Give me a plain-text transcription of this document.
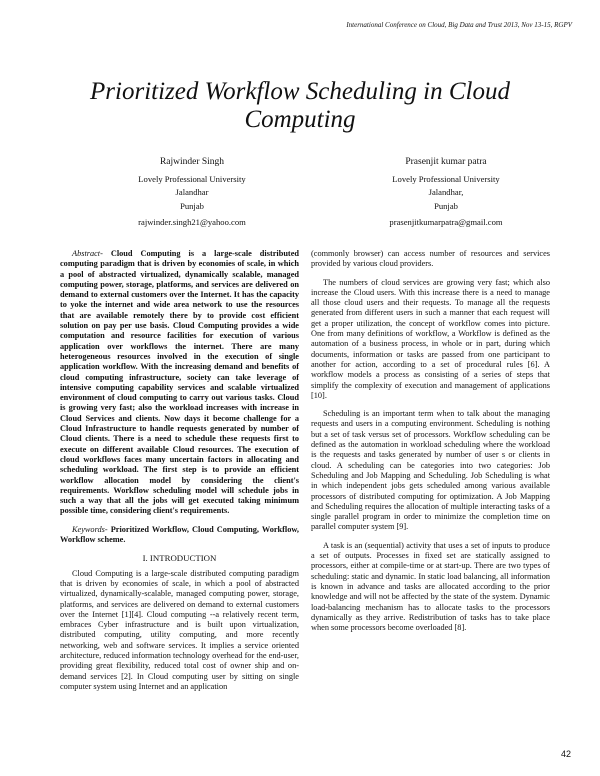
International Conference on Cloud, Big Data and Trust 2013, Nov 13-15, RGPV
Prioritized Workflow Scheduling in Cloud
Computing
Rajwinder Singh
Lovely Professional University
Jalandhar
Punjab
rajwinder.singh21@yahoo.com
Prasenjit kumar patra
Lovely Professional University
Jalandhar,
Punjab
prasenjitkumarpatra@gmail.com

Abstract- Cloud Computing is a large-scale distributed computing paradigm that is driven by economies of scale, in which a pool of abstracted virtualized, dynamically scalable, managed computing power, storage, platforms, and services are delivered on demand to external customers over the Internet. It has the capacity to yoke the internet and wide area network to use the resources that are available remotely there by to provide cost efficient solution on pay per use basis. Cloud Computing provides a wide computation and resource facilities for execution of various application over workflows the internet. There are many heterogeneous resources involved in the execution of single application workflow. With the increasing demand and benefits of cloud computing infrastructure, society can take leverage of intensive computing capability services and scalable virtualized environment of cloud computing to carry out various tasks. Cloud is growing very fast; also the workload increases with increase in Cloud Services and clients. Now days it become challenge for a Cloud Infrastructure to handle requests generated by number of Cloud clients. There is a need to schedule these requests first to execute on different available Cloud resources. The execution of cloud workflows faces many uncertain factors in allocating and scheduling workload. The first step is to provide an efficient workflow allocation model by considering the client's requirements. Workflow scheduling model will schedule jobs in such a way that all the jobs will get executed taking minimum possible time, considering client's requirements.

Keywords- Prioritized Workflow, Cloud Computing, Workflow, Workflow scheme.

I. INTRODUCTION

Cloud Computing is a large-scale distributed computing paradigm that is driven by economies of scale, in which a pool of abstracted virtualized, dynamically-scalable, managed computing power, storage, platforms, and services are delivered on demand to external customers over the Internet [1][4]. Cloud computing --a relatively recent term, embraces Cyber infrastructure and is built upon virtualization, distributed computing, utility computing, and more recently networking, web and software services. It implies a service oriented architecture, reduced information technology overhead for the end-user, providing great flexibility, reduced total cost of owner ship and on-demand services [2]. In Cloud computing user by sitting on single computer system using Internet and an application

(commonly browser) can access number of resources and services provided by various cloud providers.

The numbers of cloud services are growing very fast; which also increase the Cloud users. With this increase there is a need to manage all those cloud users and their requests. To manage all the requests generated from different users in such a manner that each request will get a proper utilization, the concept of workflow comes into picture. One from many definitions of workflow, a Workflow is defined as the automation of a business process, in whole or in part, during which documents, information or tasks are passed from one participant to another for action, according to a set of procedural rules [6]. A workflow models a process as consisting of a series of steps that simplify the complexity of execution and management of applications [10].

Scheduling is an important term when to talk about the managing requests and users in a computing environment. Scheduling is nothing but a set of task versus set of processors. Workflow scheduling can be defined as the automation in workload scheduling where the workload is the requests and tasks generated by number of user s or clients in cloud. A scheduling can be categories into two categories: Job Scheduling and Job Mapping and Scheduling. Job Scheduling is what in which independent jobs gets scheduled among various available processors of distributed computing for optimization. A Job Mapping and Scheduling requires the allocation of multiple interacting tasks of a single parallel program in order to minimize the completion time on parallel computer system [9].

A task is an (sequential) activity that uses a set of inputs to produce a set of outputs. Processes in fixed set are statically assigned to processors, either at compile-time or at start-up. There are two types of scheduling: static and dynamic. In static load balancing, all information is known in advance and tasks are allocated according to the prior knowledge and will not be affected by the state of the system. Dynamic load-balancing mechanism has to allocate tasks to the processors dynamically as they arrive. Redistribution of tasks has to take place when some processors become overloaded [8].

42
